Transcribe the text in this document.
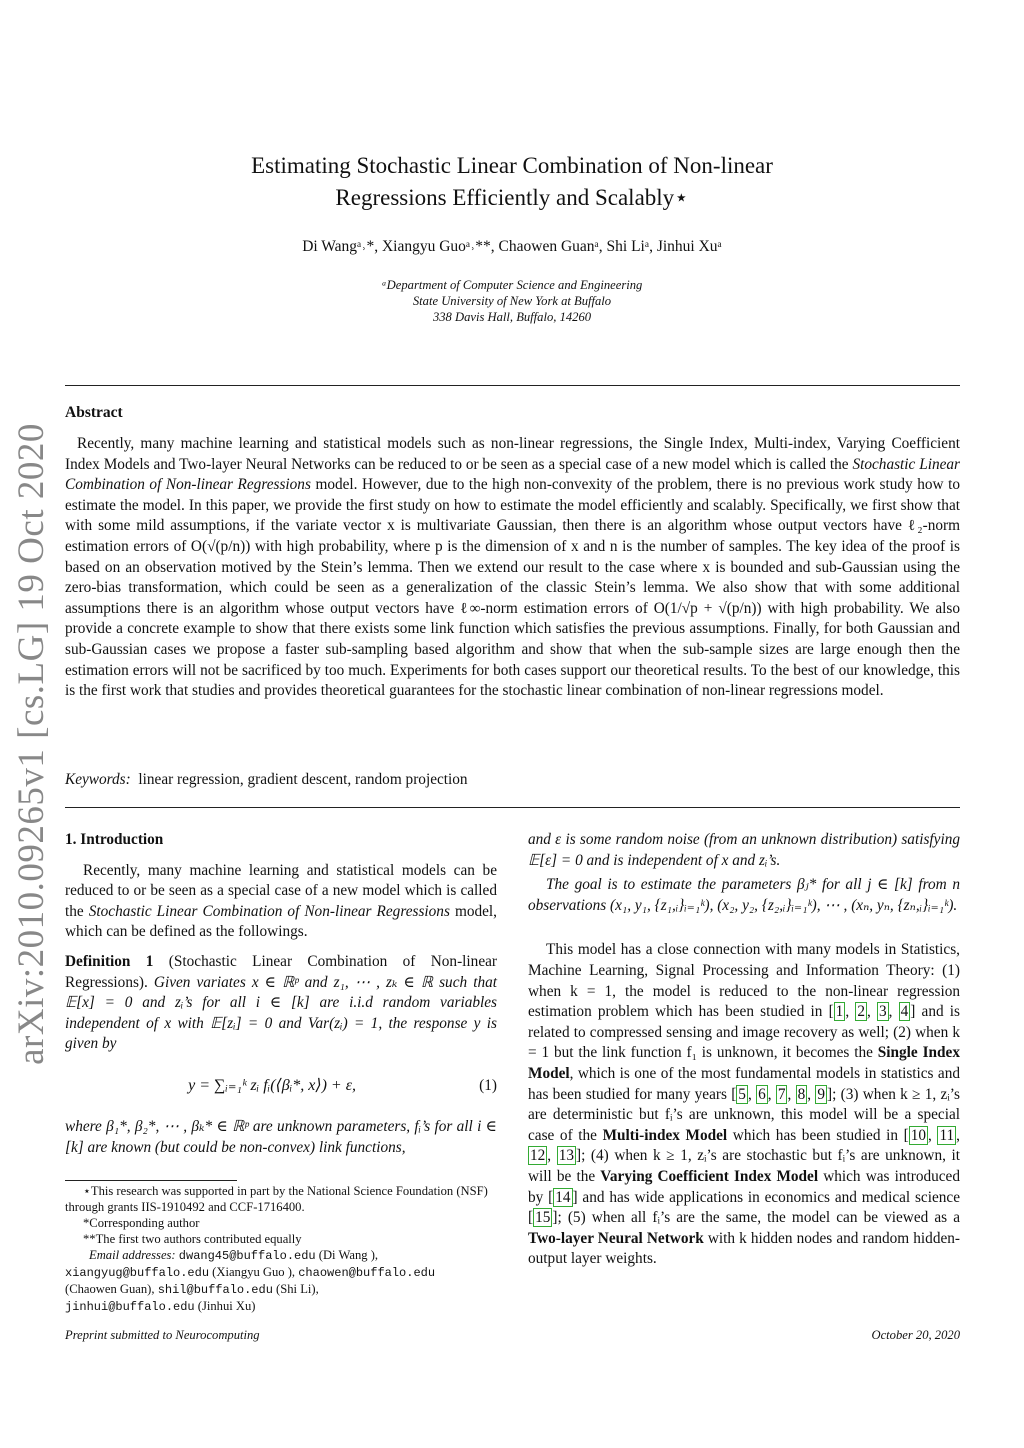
arXiv:2010.09265v1 [cs.LG] 19 Oct 2020
Estimating Stochastic Linear Combination of Non-linear
Regressions Efficiently and Scalably⋆
Di Wangᵃ˒*, Xiangyu Guoᵃ˒**, Chaowen Guanᵃ, Shi Liᵃ, Jinhui Xuᵃ
ᵃDepartment of Computer Science and Engineering
State University of New York at Buffalo
338 Davis Hall, Buffalo, 14260
Abstract

Recently, many machine learning and statistical models such as non-linear regressions, the Single Index, Multi-index, Varying Coefficient Index Models and Two-layer Neural Networks can be reduced to or be seen as a special case of a new model which is called the Stochastic Linear Combination of Non-linear Regressions model. However, due to the high non-convexity of the problem, there is no previous work study how to estimate the model. In this paper, we provide the first study on how to estimate the model efficiently and scalably. Specifically, we first show that with some mild assumptions, if the variate vector x is multivariate Gaussian, then there is an algorithm whose output vectors have ℓ₂-norm estimation errors of O(√(p/n)) with high probability, where p is the dimension of x and n is the number of samples. The key idea of the proof is based on an observation motived by the Stein’s lemma. Then we extend our result to the case where x is bounded and sub-Gaussian using the zero-bias transformation, which could be seen as a generalization of the classic Stein’s lemma. We also show that with some additional assumptions there is an algorithm whose output vectors have ℓ∞-norm estimation errors of O(1/√p + √(p/n)) with high probability. We also provide a concrete example to show that there exists some link function which satisfies the previous assumptions. Finally, for both Gaussian and sub-Gaussian cases we propose a faster sub-sampling based algorithm and show that when the sub-sample sizes are large enough then the estimation errors will not be sacrificed by too much. Experiments for both cases support our theoretical results. To the best of our knowledge, this is the first work that studies and provides theoretical guarantees for the stochastic linear combination of non-linear regressions model.

Keywords: linear regression, gradient descent, random projection

1. Introduction

Recently, many machine learning and statistical models can be reduced to or be seen as a special case of a new model which is called the Stochastic Linear Combination of Non-linear Regressions model, which can be defined as the followings.

Definition 1 (Stochastic Linear Combination of Non-linear Regressions). Given variates x ∈ ℝᵖ and z₁, ⋯ , zₖ ∈ ℝ such that 𝔼[x] = 0 and zᵢ’s for all i ∈ [k] are i.i.d random variables independent of x with 𝔼[zᵢ] = 0 and Var(zᵢ) = 1, the response y is given by

y = ∑ᵢ₌₁ᵏ zᵢ fᵢ(⟨βᵢ*, x⟩) + ε,	(1)

where β₁*, β₂*, ⋯ , βₖ* ∈ ℝᵖ are unknown parameters, fᵢ’s for all i ∈ [k] are known (but could be non-convex) link functions,

and ε is some random noise (from an unknown distribution) satisfying 𝔼[ε] = 0 and is independent of x and zᵢ’s.

The goal is to estimate the parameters βⱼ* for all j ∈ [k] from n observations (x₁, y₁, {z₁,ᵢ}ᵢ₌₁ᵏ), (x₂, y₂, {z₂,ᵢ}ᵢ₌₁ᵏ), ⋯ , (xₙ, yₙ, {zₙ,ᵢ}ᵢ₌₁ᵏ).

This model has a close connection with many models in Statistics, Machine Learning, Signal Processing and Information Theory: (1) when k = 1, the model is reduced to the non-linear regression estimation problem which has been studied in [ 1 , 2 , 3 , 4 ] and is related to compressed sensing and image recovery as well; (2) when k = 1 but the link function f₁ is unknown, it becomes the Single Index Model, which is one of the most fundamental models in statistics and has been studied for many years [ 5 , 6 , 7 , 8 , 9 ]; (3) when k ≥ 1, zᵢ’s are deterministic but fᵢ’s are unknown, this model will be a special case of the Multi-index Model which has been studied in [ 10 , 11 , 12 , 13 ]; (4) when k ≥ 1, zᵢ’s are stochastic but fᵢ’s are unknown, it will be the Varying Coefficient Index Model which was introduced by [ 14 ] and has wide applications in economics and medical science [ 15 ]; (5) when all fᵢ’s are the same, the model can be viewed as a Two-layer Neural Network with k hidden nodes and random hidden-output layer weights.

⋆This research was supported in part by the National Science Foundation (NSF) through grants IIS-1910492 and CCF-1716400.

*Corresponding author

**The first two authors contributed equally

Email addresses: dwang45@buffalo.edu (Di Wang ),

xiangyug@buffalo.edu (Xiangyu Guo ), chaowen@buffalo.edu

(Chaowen Guan), shil@buffalo.edu (Shi Li),

jinhui@buffalo.edu (Jinhui Xu)

Preprint submitted to Neurocomputing	October 20, 2020
